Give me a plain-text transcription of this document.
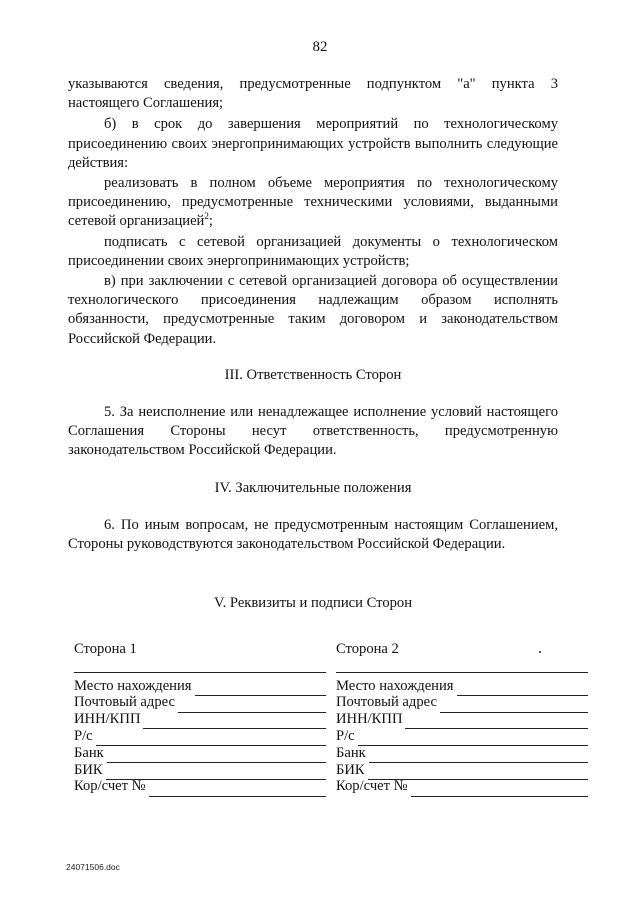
82

указываются сведения, предусмотренные подпунктом "а" пункта 3 настоящего Соглашения;

б) в срок до завершения мероприятий по технологическому присоединению своих энергопринимающих устройств выполнить следующие действия:

реализовать в полном объеме мероприятия по технологическому присоединению, предусмотренные техническими условиями, выданными сетевой организацией$^2$;

подписать с сетевой организацией документы о технологическом присоединении своих энергопринимающих устройств;

в) при заключении с сетевой организацией договора об осуществлении технологического присоединения надлежащим образом исполнять обязанности, предусмотренные таким договором и законодательством Российской Федерации.

III. Ответственность Сторон

5. За неисполнение или ненадлежащее исполнение условий настоящего Соглашения Стороны несут ответственность, предусмотренную законодательством Российской Федерации.

IV. Заключительные положения

6. По иным вопросам, не предусмотренным настоящим Соглашением, Стороны руководствуются законодательством Российской Федерации.

V. Реквизиты и подписи Сторон

Сторона 1
Место нахождения
Почтовый адрес
ИНН/КПП
Р/с
Банк
БИК
Кор/счет №
Сторона 2
Место нахождения
Почтовый адрес
ИНН/КПП
Р/с
Банк
БИК
Кор/счет №
24071506.doc
